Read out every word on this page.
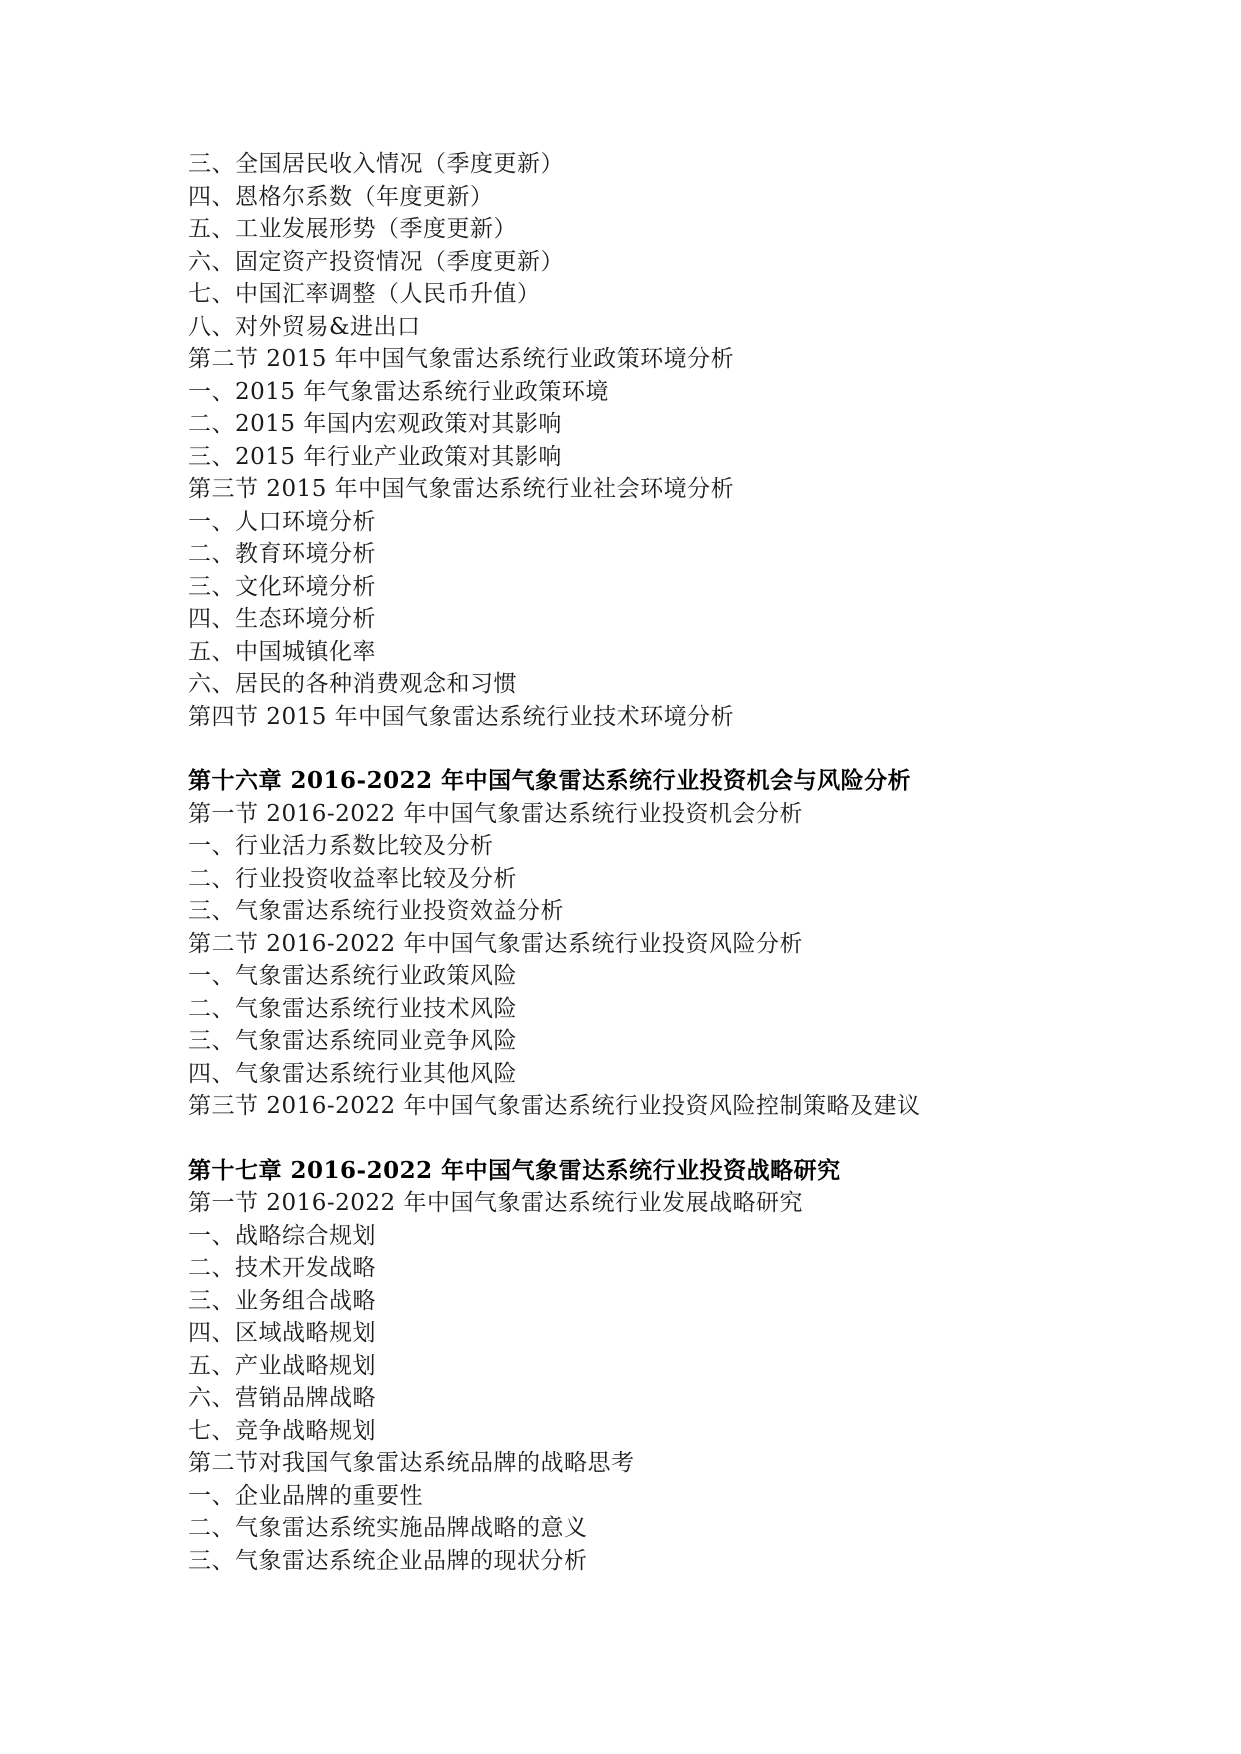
三、全国居民收入情况（季度更新）
四、恩格尔系数（年度更新）
五、工业发展形势（季度更新）
六、固定资产投资情况（季度更新）
七、中国汇率调整（人民币升值）
八、对外贸易&进出口
第二节 2015 年中国气象雷达系统行业政策环境分析
一、2015 年气象雷达系统行业政策环境
二、2015 年国内宏观政策对其影响
三、2015 年行业产业政策对其影响
第三节 2015 年中国气象雷达系统行业社会环境分析
一、人口环境分析
二、教育环境分析
三、文化环境分析
四、生态环境分析
五、中国城镇化率
六、居民的各种消费观念和习惯
第四节 2015 年中国气象雷达系统行业技术环境分析
第十六章 2016-2022 年中国气象雷达系统行业投资机会与风险分析
第一节 2016-2022 年中国气象雷达系统行业投资机会分析
一、行业活力系数比较及分析
二、行业投资收益率比较及分析
三、气象雷达系统行业投资效益分析
第二节 2016-2022 年中国气象雷达系统行业投资风险分析
一、气象雷达系统行业政策风险
二、气象雷达系统行业技术风险
三、气象雷达系统同业竞争风险
四、气象雷达系统行业其他风险
第三节 2016-2022 年中国气象雷达系统行业投资风险控制策略及建议
第十七章 2016-2022 年中国气象雷达系统行业投资战略研究
第一节 2016-2022 年中国气象雷达系统行业发展战略研究
一、战略综合规划
二、技术开发战略
三、业务组合战略
四、区域战略规划
五、产业战略规划
六、营销品牌战略
七、竞争战略规划
第二节对我国气象雷达系统品牌的战略思考
一、企业品牌的重要性
二、气象雷达系统实施品牌战略的意义
三、气象雷达系统企业品牌的现状分析
